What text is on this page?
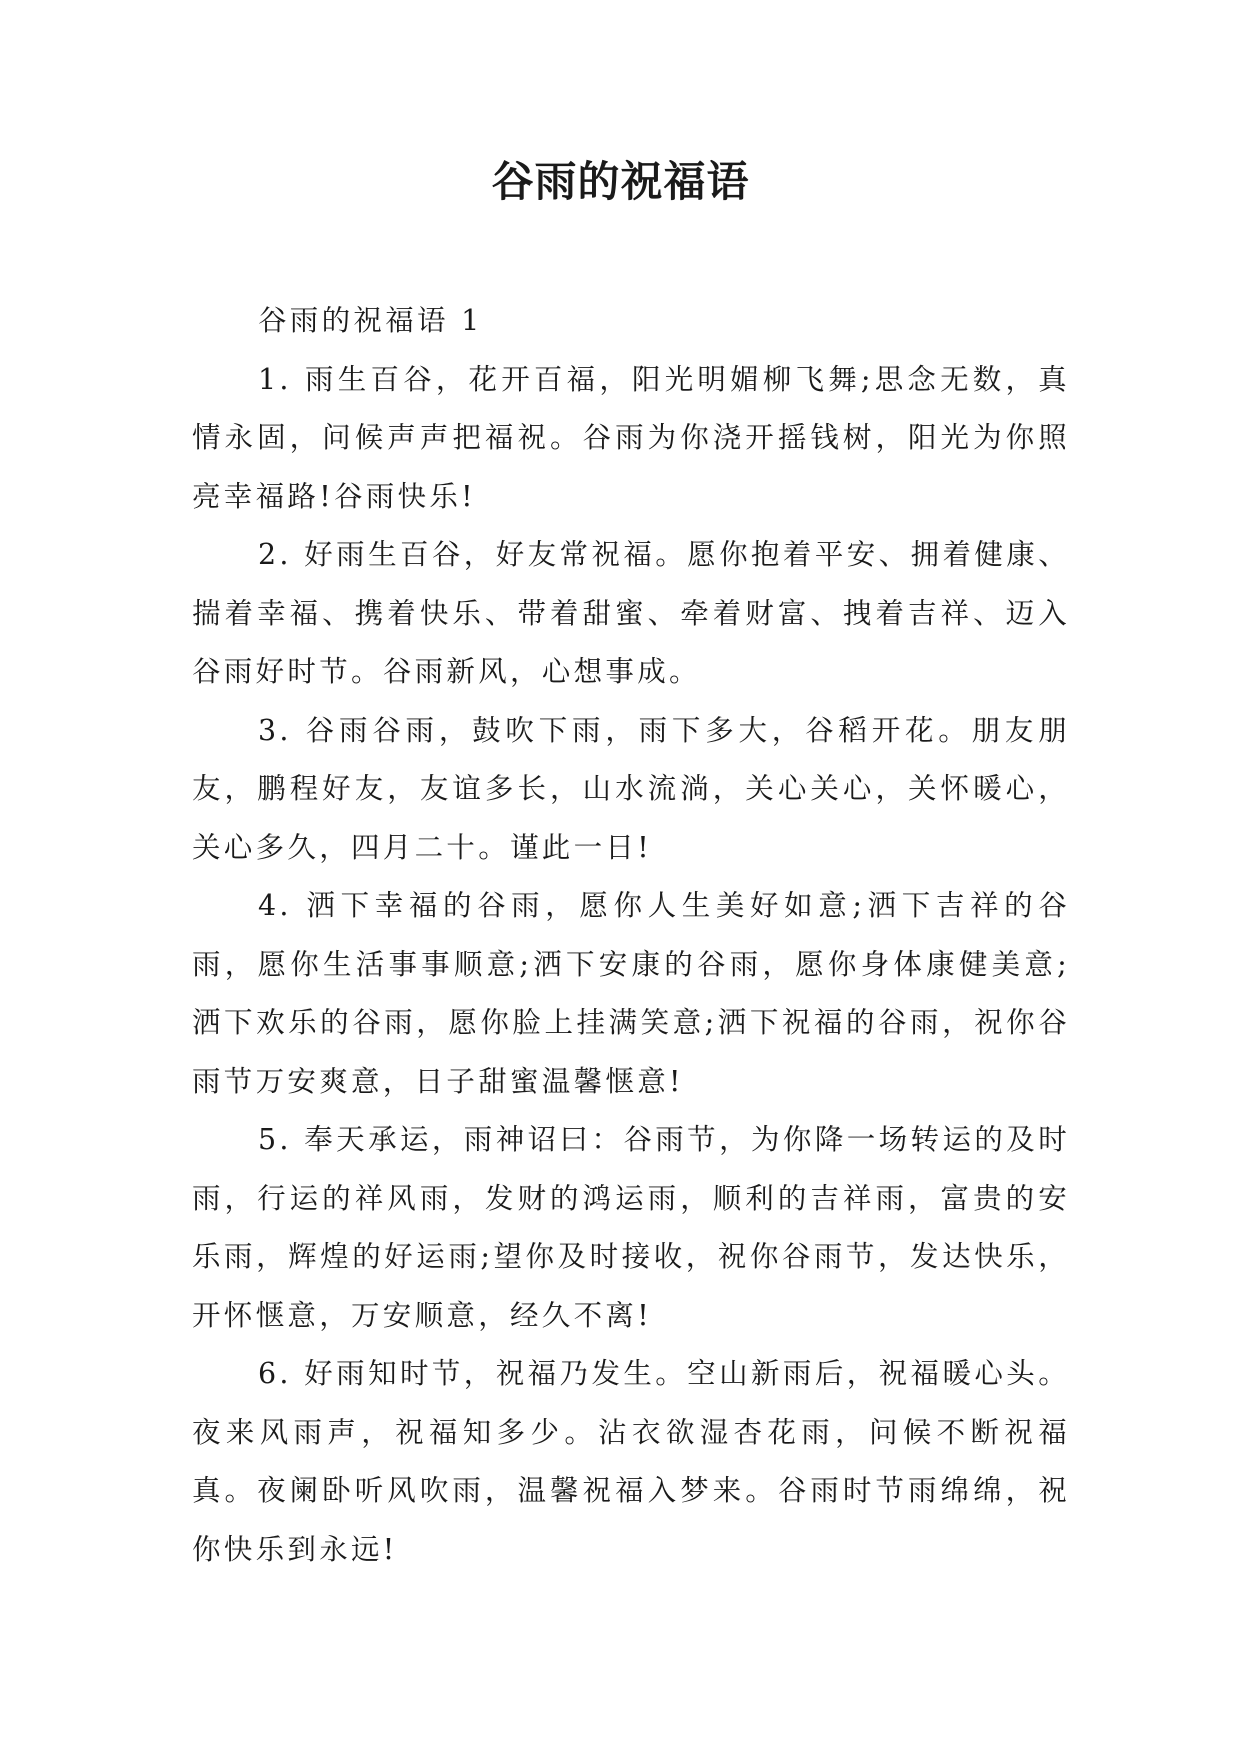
谷雨的祝福语

谷雨的祝福语 1

1. 雨生百谷，花开百福，阳光明媚柳飞舞;思念无数，真情永固，问候声声把福祝。谷雨为你浇开摇钱树，阳光为你照亮幸福路!谷雨快乐!

2. 好雨生百谷，好友常祝福。愿你抱着平安、拥着健康、揣着幸福、携着快乐、带着甜蜜、牵着财富、拽着吉祥、迈入谷雨好时节。谷雨新风，心想事成。

3. 谷雨谷雨，鼓吹下雨，雨下多大，谷稻开花。朋友朋友，鹏程好友，友谊多长，山水流淌，关心关心，关怀暖心，关心多久，四月二十。谨此一日!

4. 洒下幸福的谷雨，愿你人生美好如意;洒下吉祥的谷雨，愿你生活事事顺意;洒下安康的谷雨，愿你身体康健美意;洒下欢乐的谷雨，愿你脸上挂满笑意;洒下祝福的谷雨，祝你谷雨节万安爽意，日子甜蜜温馨惬意!

5. 奉天承运，雨神诏曰：谷雨节，为你降一场转运的及时雨，行运的祥风雨，发财的鸿运雨，顺利的吉祥雨，富贵的安乐雨，辉煌的好运雨;望你及时接收，祝你谷雨节，发达快乐，开怀惬意，万安顺意，经久不离!

6. 好雨知时节，祝福乃发生。空山新雨后，祝福暖心头。夜来风雨声，祝福知多少。沾衣欲湿杏花雨，问候不断祝福真。夜阑卧听风吹雨，温馨祝福入梦来。谷雨时节雨绵绵，祝你快乐到永远!
